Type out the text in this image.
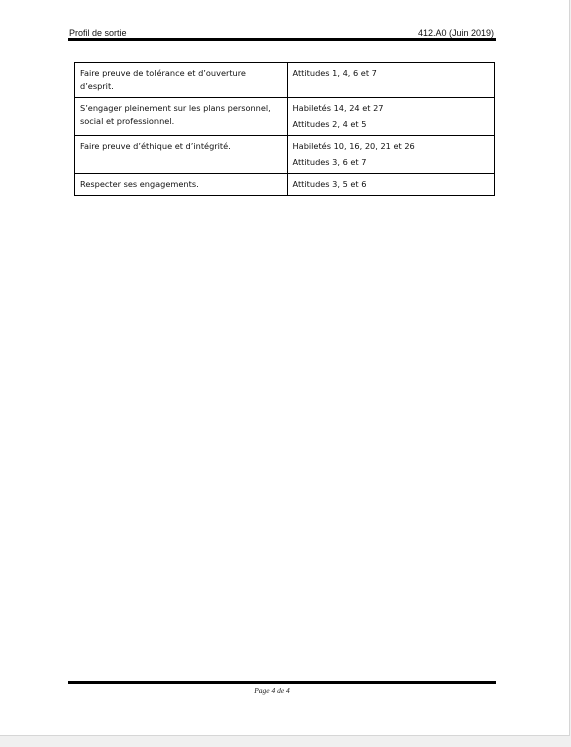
Profil de sortie	412.A0 (Juin 2019)
Faire preuve de tolérance et d’ouverture d’esprit.	Attitudes 1, 4, 6 et 7

S’engager pleinement sur les plans personnel, social et professionnel.	Habiletés 14, 24 et 27
Attitudes 2, 4 et 5

Faire preuve d’éthique et d’intégrité.	Habiletés 10, 16, 20, 21 et 26
Attitudes 3, 6 et 7

Respecter ses engagements.	Attitudes 3, 5 et 6
Page 4 de 4
